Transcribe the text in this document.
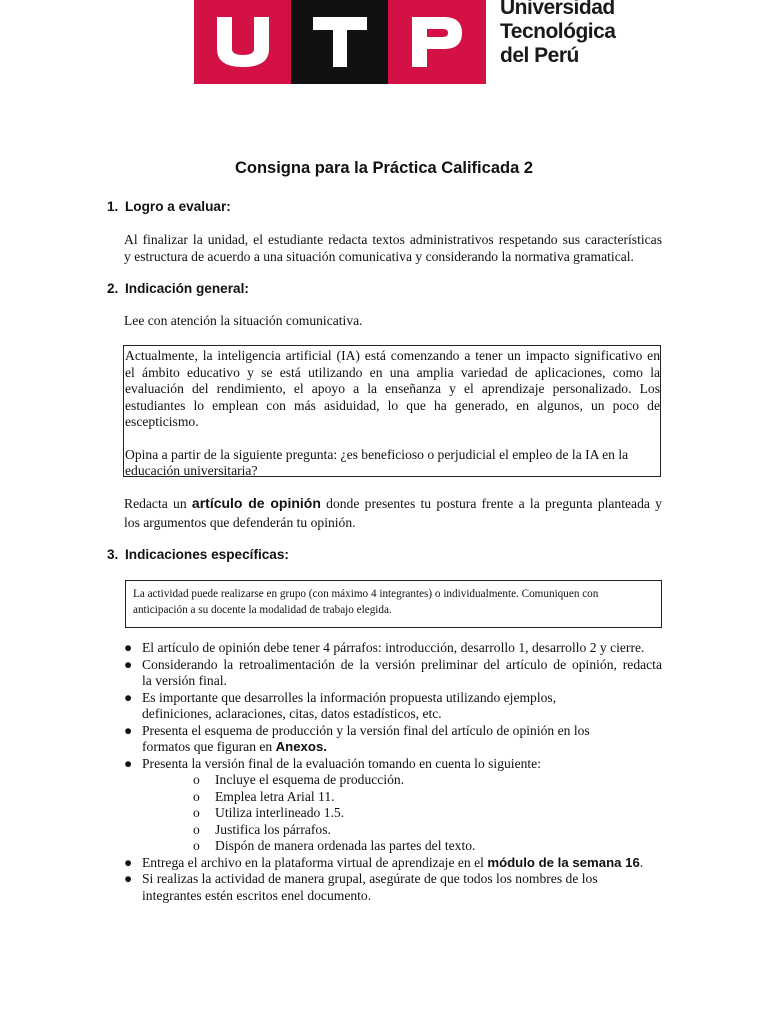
Universidad
Tecnológica
del Perú
Consigna para la Práctica Calificada 2
1. Logro a evaluar:
Al finalizar la unidad, el estudiante redacta textos administrativos respetando sus características
y estructura de acuerdo a una situación comunicativa y considerando la normativa gramatical.
2. Indicación general:
Lee con atención la situación comunicativa.

Actualmente, la inteligencia artificial (IA) está comenzando a tener un impacto significativo en
el ámbito educativo y se está utilizando en una amplia variedad de aplicaciones, como la
evaluación del rendimiento, el apoyo a la enseñanza y el aprendizaje personalizado. Los
estudiantes lo emplean con más asiduidad, lo que ha generado, en algunos, un poco de
escepticismo.

Opina a partir de la siguiente pregunta: ¿es beneficioso o perjudicial el empleo de la IA en la
educación universitaria?

Redacta un artículo de opinión donde presentes tu postura frente a la pregunta planteada y
los argumentos que defenderán tu opinión.
3. Indicaciones específicas:
La actividad puede realizarse en grupo (con máximo 4 integrantes) o individualmente. Comuniquen con
anticipación a su docente la modalidad de trabajo elegida.
● El artículo de opinión debe tener 4 párrafos: introducción, desarrollo 1, desarrollo 2 y cierre.
● Considerando la retroalimentación de la versión preliminar del artículo de opinión, redacta
la versión final.
● Es importante que desarrolles la información propuesta utilizando ejemplos,
definiciones, aclaraciones, citas, datos estadísticos, etc.
● Presenta el esquema de producción y la versión final del artículo de opinión en los
formatos que figuran en Anexos.
● Presenta la versión final de la evaluación tomando en cuenta lo siguiente:
o Incluye el esquema de producción.
o Emplea letra Arial 11.
o Utiliza interlineado 1.5.
o Justifica los párrafos.
o Dispón de manera ordenada las partes del texto.
● Entrega el archivo en la plataforma virtual de aprendizaje en el módulo de la semana 16.
● Si realizas la actividad de manera grupal, asegúrate de que todos los nombres de los
integrantes estén escritos enel documento.
